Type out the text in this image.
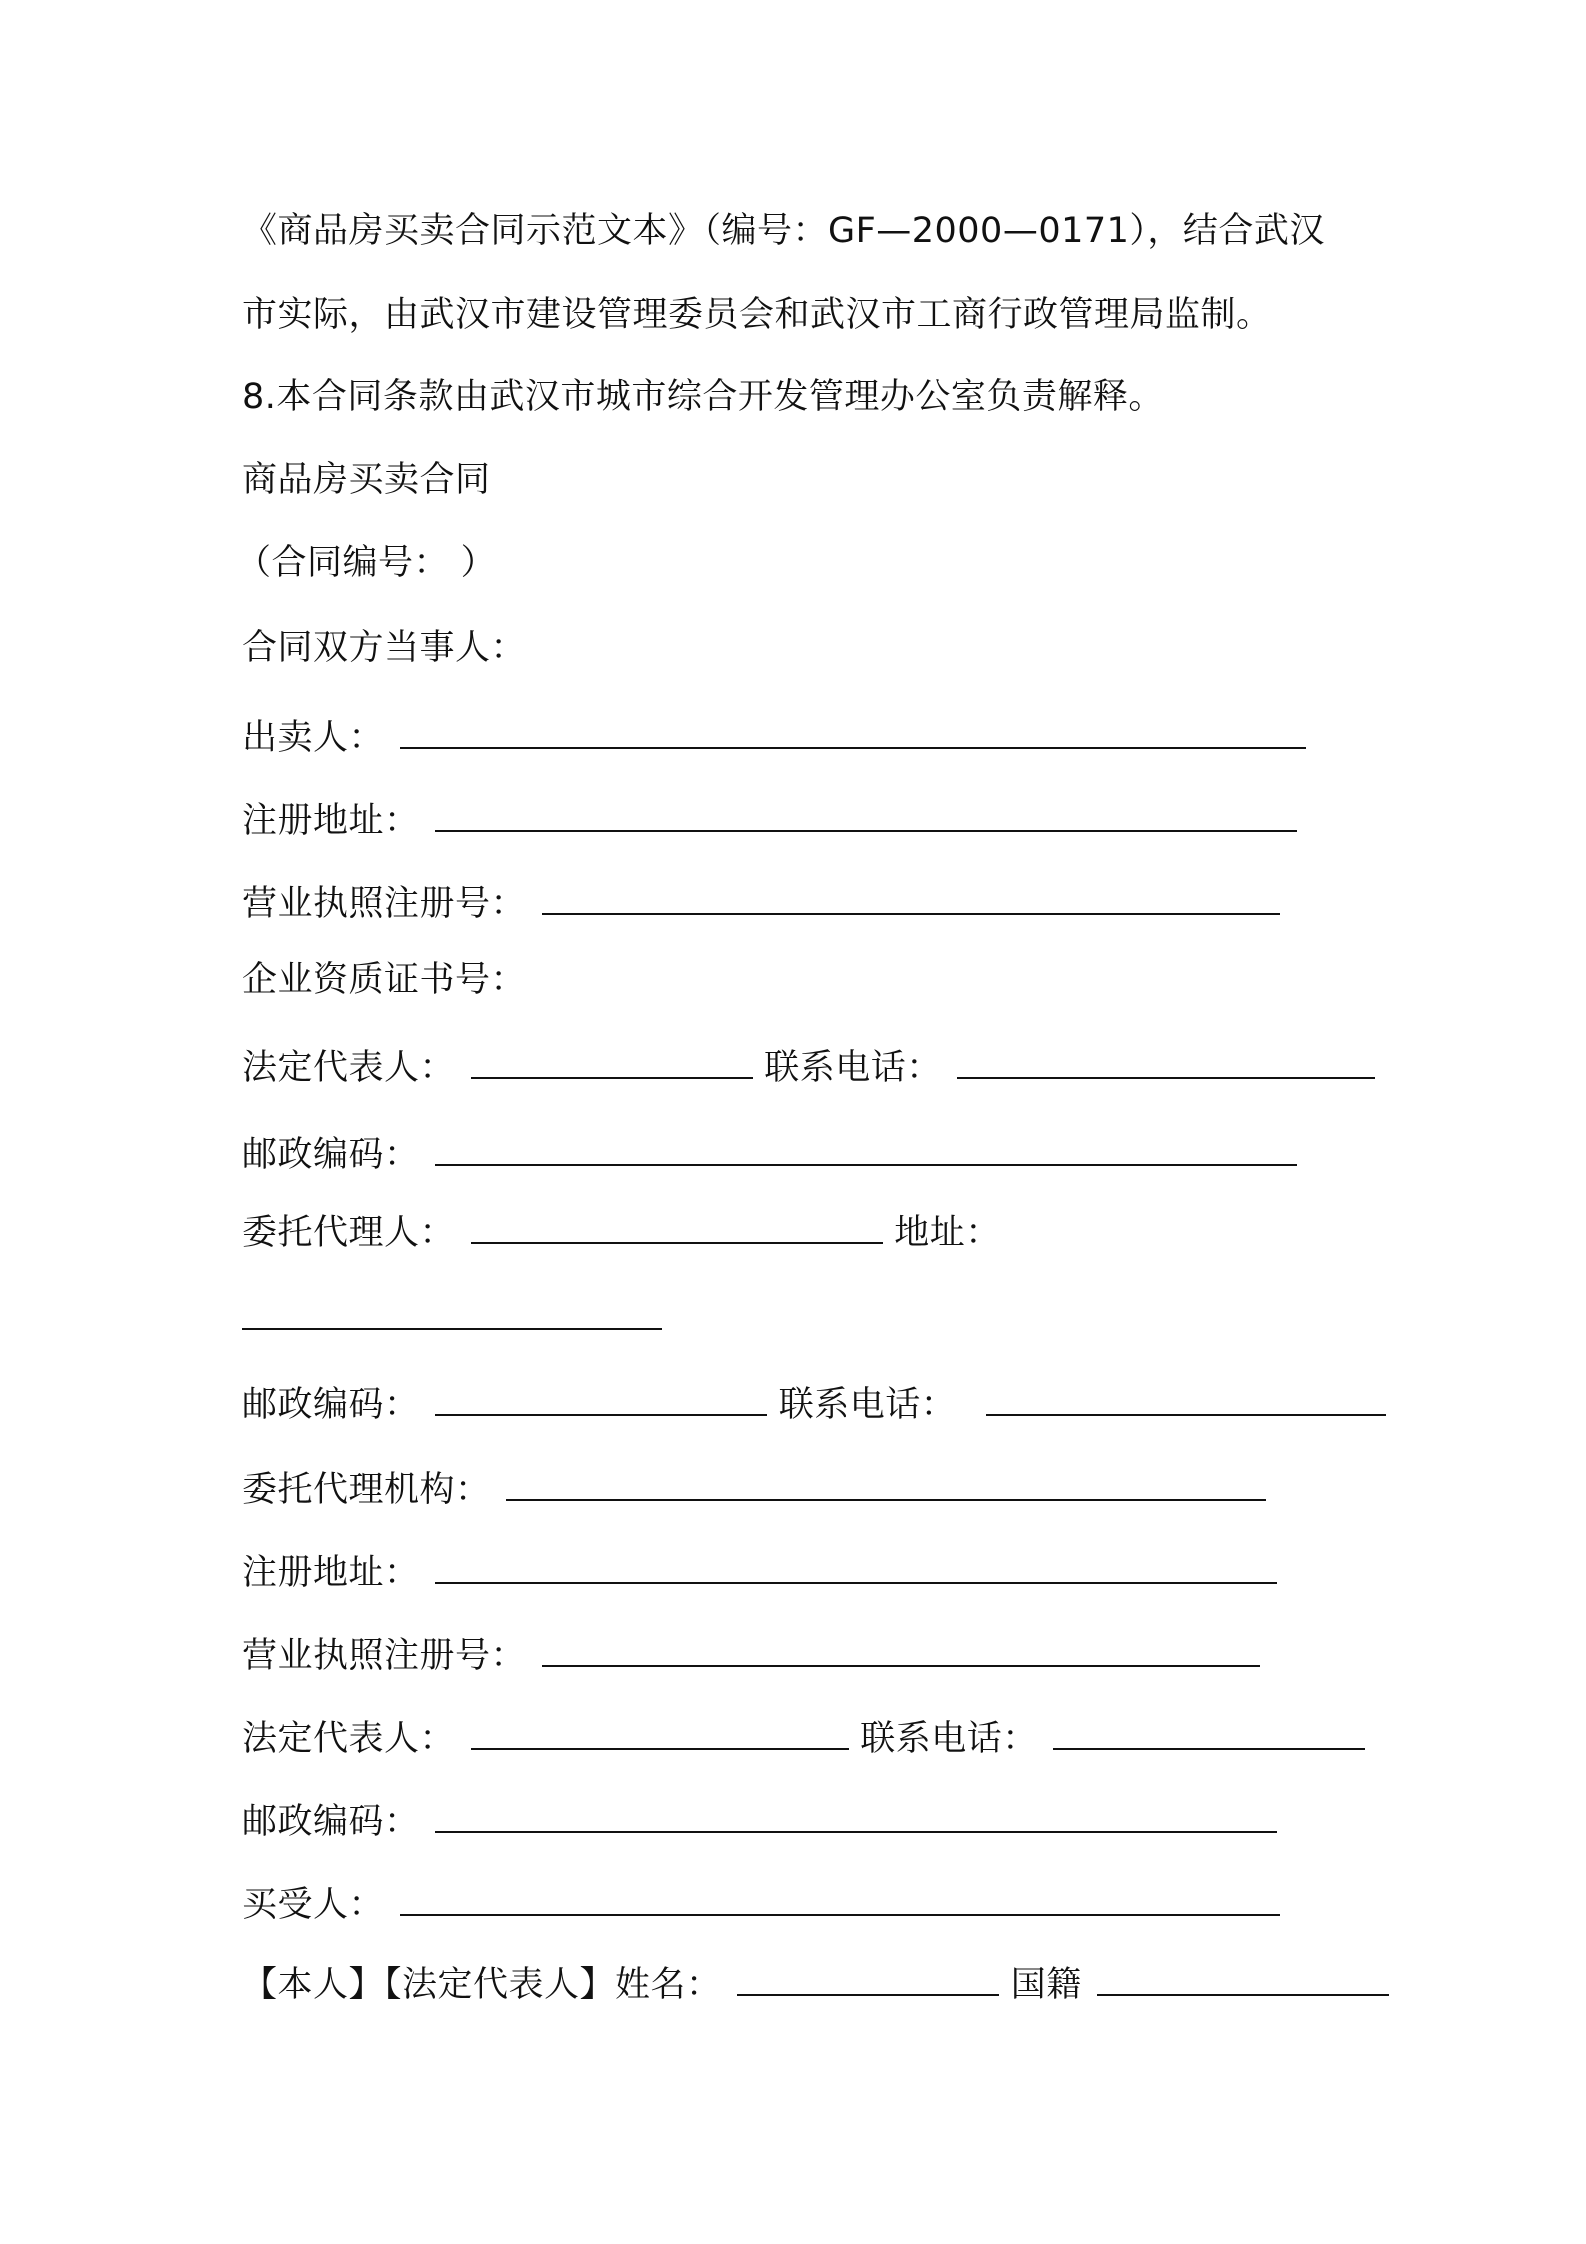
《商品房买卖合同示范文本》（编号：GF—2000—0171），结合武汉
市实际，由武汉市建设管理委员会和武汉市工商行政管理局监制。
8.本合同条款由武汉市城市综合开发管理办公室负责解释。
商品房买卖合同
（合同编号： ）
合同双方当事人：
出卖人：
注册地址：
营业执照注册号：
企业资质证书号：
法定代表人：	联系电话：
邮政编码：
委托代理人：	地址：
邮政编码：	联系电话：
委托代理机构：
注册地址：
营业执照注册号：
法定代表人：	联系电话：
邮政编码：
买受人：
【本人】【法定代表人】姓名：	国籍
